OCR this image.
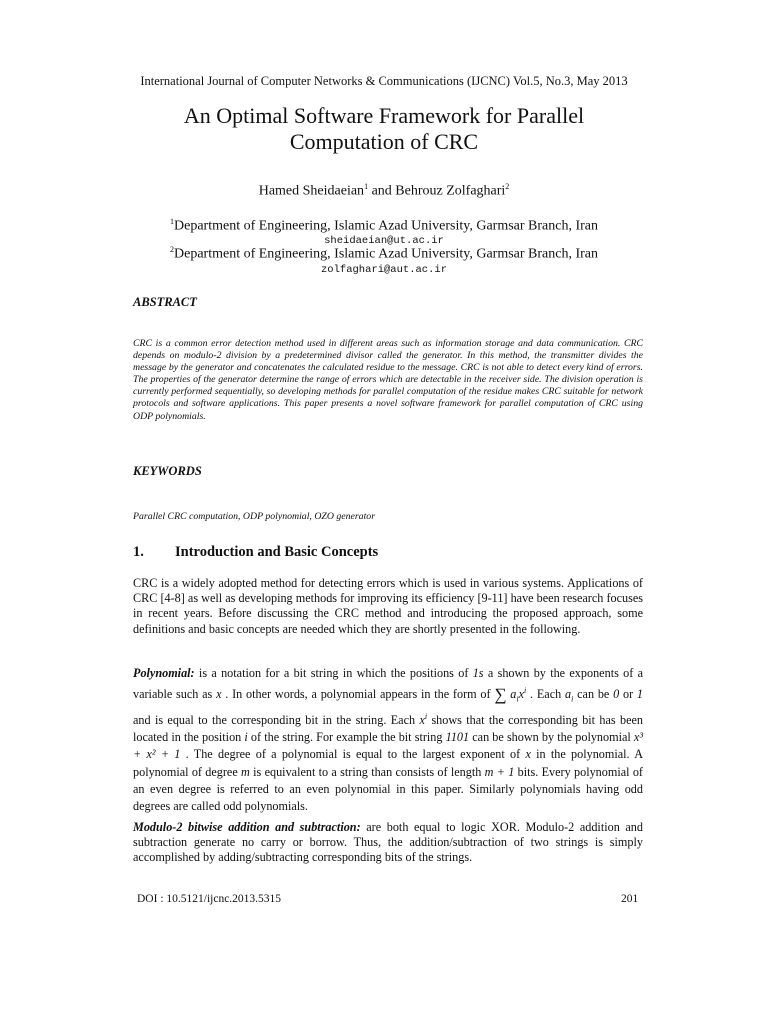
International Journal of Computer Networks & Communications (IJCNC) Vol.5, No.3, May 2013
An Optimal Software Framework for Parallel
Computation of CRC
Hamed Sheidaeian$^1$ and Behrouz Zolfaghari$^2$
$^1$Department of Engineering, Islamic Azad University, Garmsar Branch, Iran
sheidaeian@ut.ac.ir
$^2$Department of Engineering, Islamic Azad University, Garmsar Branch, Iran
zolfaghari@aut.ac.ir
ABSTRACT
CRC is a common error detection method used in different areas such as information storage and data communication. CRC depends on modulo-2 division by a predetermined divisor called the generator. In this method, the transmitter divides the message by the generator and concatenates the calculated residue to the message. CRC is not able to detect every kind of errors. The properties of the generator determine the range of errors which are detectable in the receiver side. The division operation is currently performed sequentially, so developing methods for parallel computation of the residue makes CRC suitable for network protocols and software applications. This paper presents a novel software framework for parallel computation of CRC using ODP polynomials.
KEYWORDS
Parallel CRC computation, ODP polynomial, OZO generator
1. Introduction and Basic Concepts
CRC is a widely adopted method for detecting errors which is used in various systems. Applications of CRC [4-8] as well as developing methods for improving its efficiency [9-11] have been research focuses in recent years. Before discussing the CRC method and introducing the proposed approach, some definitions and basic concepts are needed which they are shortly presented in the following.
Polynomial: is a notation for a bit string in which the positions of 1s a shown by the exponents of a variable such as x . In other words, a polynomial appears in the form of ∑ $a_ix^i$ . Each $a_i$ can be 0 or 1 and is equal to the corresponding bit in the string. Each $x^i$ shows that the corresponding bit has been located in the position i of the string. For example the bit string 1101 can be shown by the polynomial x³ + x² + 1 . The degree of a polynomial is equal to the largest exponent of x in the polynomial. A polynomial of degree m is equivalent to a string than consists of length m + 1 bits. Every polynomial of an even degree is referred to an even polynomial in this paper. Similarly polynomials having odd degrees are called odd polynomials.
Modulo-2 bitwise addition and subtraction: are both equal to logic XOR. Modulo-2 addition and subtraction generate no carry or borrow. Thus, the addition/subtraction of two strings is simply accomplished by adding/subtracting corresponding bits of the strings.
DOI : 10.5121/ijcnc.2013.5315	201
